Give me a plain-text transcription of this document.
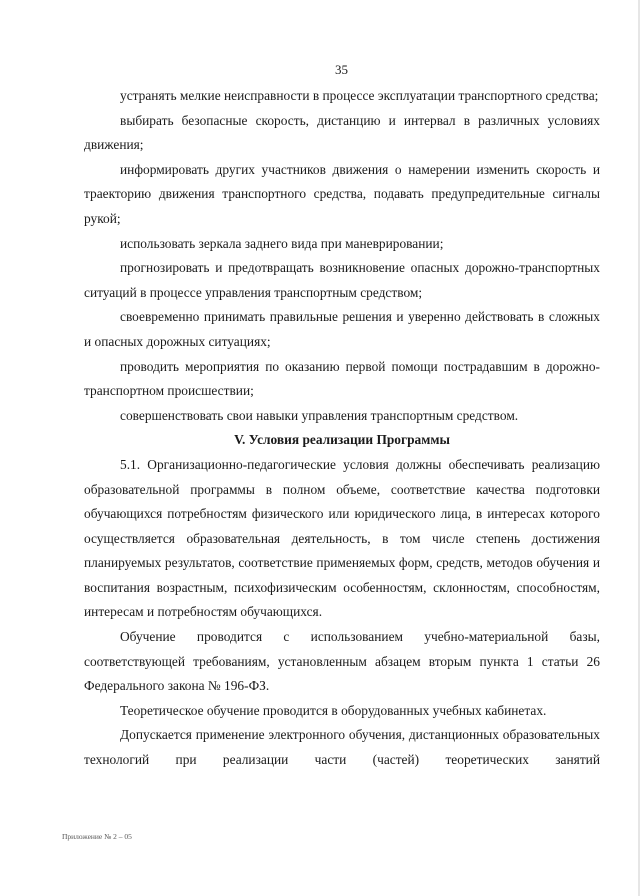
35

устранять мелкие неисправности в процессе эксплуатации транспортного средства;

выбирать безопасные скорость, дистанцию и интервал в различных условиях движения;

информировать других участников движения о намерении изменить скорость и траекторию движения транспортного средства, подавать предупредительные сигналы рукой;

использовать зеркала заднего вида при маневрировании;

прогнозировать и предотвращать возникновение опасных дорожно-транспортных ситуаций в процессе управления транспортным средством;

своевременно принимать правильные решения и уверенно действовать в сложных и опасных дорожных ситуациях;

проводить мероприятия по оказанию первой помощи пострадавшим в дорожно-транспортном происшествии;

совершенствовать свои навыки управления транспортным средством.

V. Условия реализации Программы

5.1. Организационно-педагогические условия должны обеспечивать реализацию образовательной программы в полном объеме, соответствие качества подготовки обучающихся потребностям физического или юридического лица, в интересах которого осуществляется образовательная деятельность, в том числе степень достижения планируемых результатов, соответствие применяемых форм, средств, методов обучения и воспитания возрастным, психофизическим особенностям, склонностям, способностям, интересам и потребностям обучающихся.

Обучение проводится с использованием учебно-материальной базы, соответствующей требованиям, установленным абзацем вторым пункта 1 статьи 26 Федерального закона № 196-ФЗ.

Теоретическое обучение проводится в оборудованных учебных кабинетах.

Допускается применение электронного обучения, дистанционных образовательных технологий при реализации части (частей) теоретических занятий

Приложение № 2 – 05
